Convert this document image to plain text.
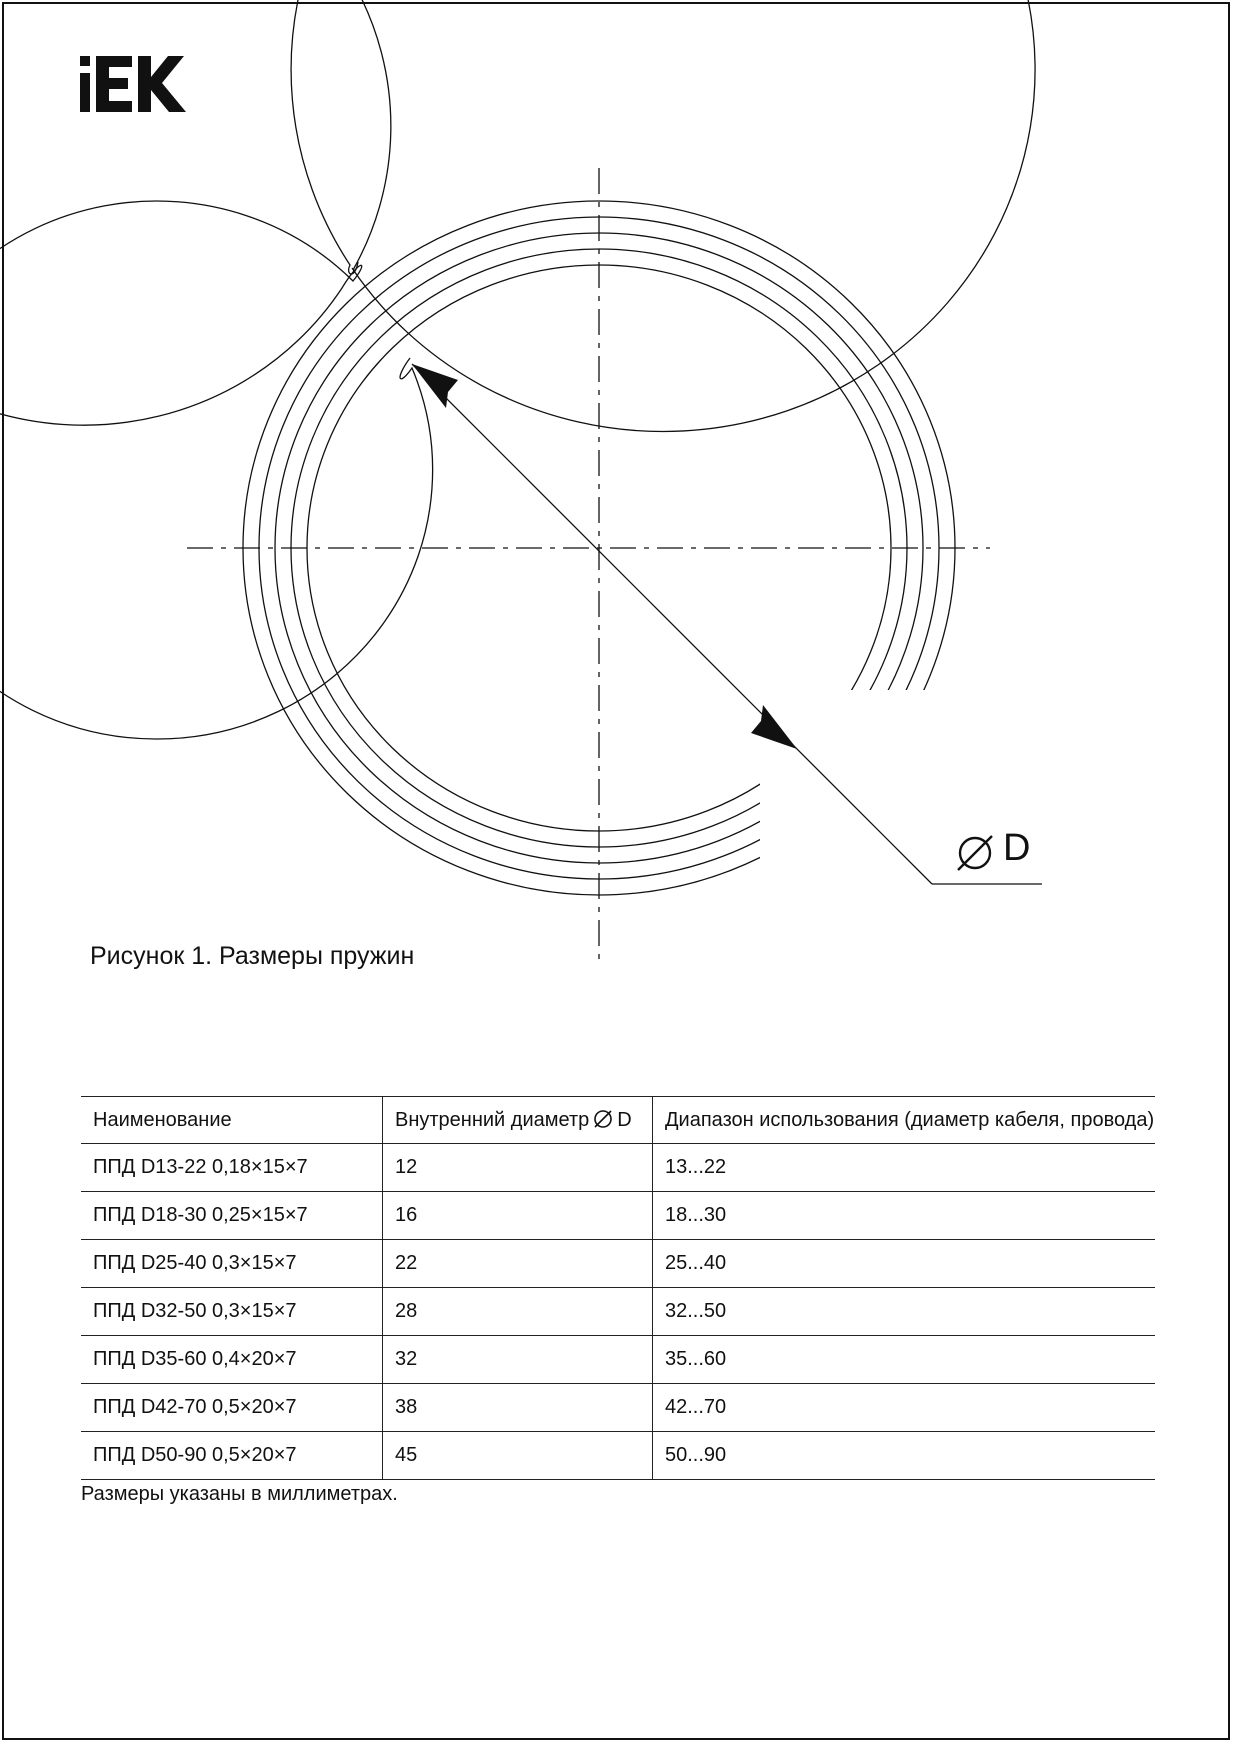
D
Рисунок 1. Размеры пружин
Наименование	Внутренний диаметр D	Диапазон использования (диаметр кабеля, провода)
ППД D13-22 0,18×15×7	12	13...22
ППД D18-30 0,25×15×7	16	18...30
ППД D25-40 0,3×15×7	22	25...40
ППД D32-50 0,3×15×7	28	32...50
ППД D35-60 0,4×20×7	32	35...60
ППД D42-70 0,5×20×7	38	42...70
ППД D50-90 0,5×20×7	45	50...90
Размеры указаны в миллиметрах.
